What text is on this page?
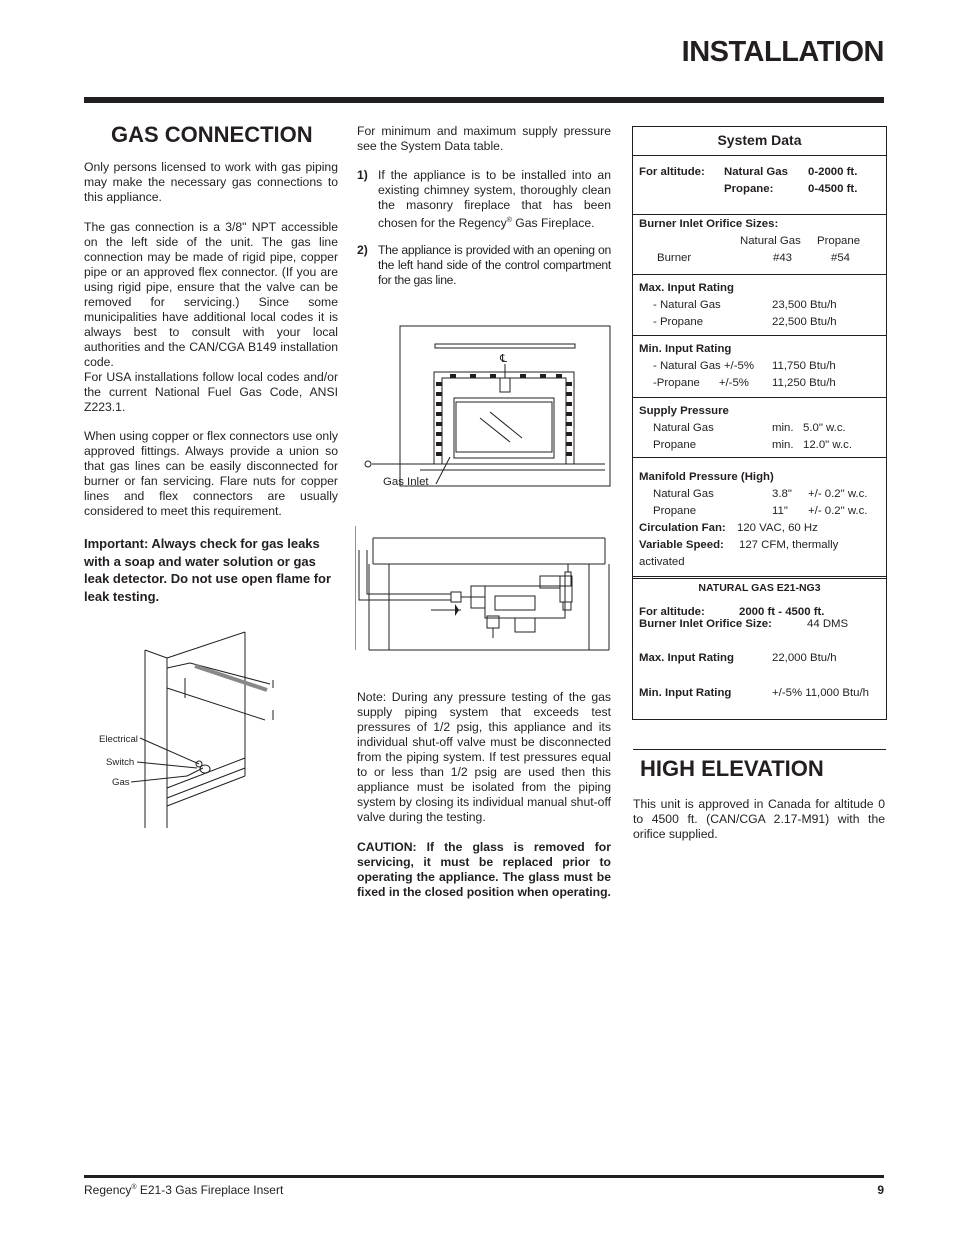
INSTALLATION
GAS CONNECTION

Only persons licensed to work with gas piping may make the necessary gas connections to this appliance.

The gas connection is a 3/8" NPT accessible on the left side of the unit. The gas line connection may be made of rigid pipe, copper pipe or an approved flex connector. (If you are using rigid pipe, ensure that the valve can be removed for servicing.) Since some municipalities have additional local codes it is always best to consult with your local authorities and the CAN/CGA B149 installation code.

For USA installations follow local codes and/or the current National Fuel Gas Code, ANSI Z223.1.

When using copper or flex connectors use only approved fittings. Always provide a union so that gas lines can be easily disconnected for burner or fan servicing. Flare nuts for copper lines and flex connectors are usually considered to meet this requirement.

Important: Always check for gas leaks with a soap and water solution or gas leak detector. Do not use open flame for leak testing.

Electrical
Switch
Gas

For minimum and maximum supply pressure see the System Data table.

1) If the appliance is to be installed into an existing chimney system, thoroughly clean the masonry fireplace that has been chosen for the Regency® Gas Fireplace.

2) The appliance is provided with an opening on the left hand side of the control compartment for the gas line.

℄
Gas Inlet

Note: During any pressure testing of the gas supply piping system that exceeds test pressures of 1/2 psig, this appliance and its individual shut-off valve must be disconnected from the piping system. If test pressures equal to or less than 1/2 psig are used then this appliance must be isolated from the piping system by closing its individual manual shut-off valve during the testing.

CAUTION: If the glass is removed for servicing, it must be replaced prior to operating the appliance. The glass must be fixed in the closed position when operating.

System Data
For altitude: Natural Gas 0-2000 ft.
Propane:	0-4500 ft.
Burner Inlet Orifice Sizes:
Natural Gas Propane
Burner	#43	#54
Max. Input Rating
- Natural Gas	23,500 Btu/h
- Propane	22,500 Btu/h
Min. Input Rating
- Natural Gas +/-5% 11,750 Btu/h
-Propane      +/-5% 11,250 Btu/h
Supply Pressure
Natural Gas	min.   5.0" w.c.
Propane	min.   12.0" w.c.
Manifold Pressure (High)
Natural Gas	3.8" +/- 0.2" w.c.
Propane	11" +/- 0.2" w.c.
Circulation Fan: 120 VAC, 60 Hz
Variable Speed: 127 CFM, thermally
activated
NATURAL GAS E21-NG3
For altitude:	2000 ft - 4500 ft.
Burner Inlet Orifice Size:	44 DMS
Max. Input Rating	22,000 Btu/h
Min. Input Rating	+/-5% 11,000 Btu/h
HIGH ELEVATION

This unit is approved in Canada for altitude 0 to 4500 ft. (CAN/CGA 2.17-M91) with the orifice supplied.

Regency® E21-3 Gas Fireplace Insert	9
